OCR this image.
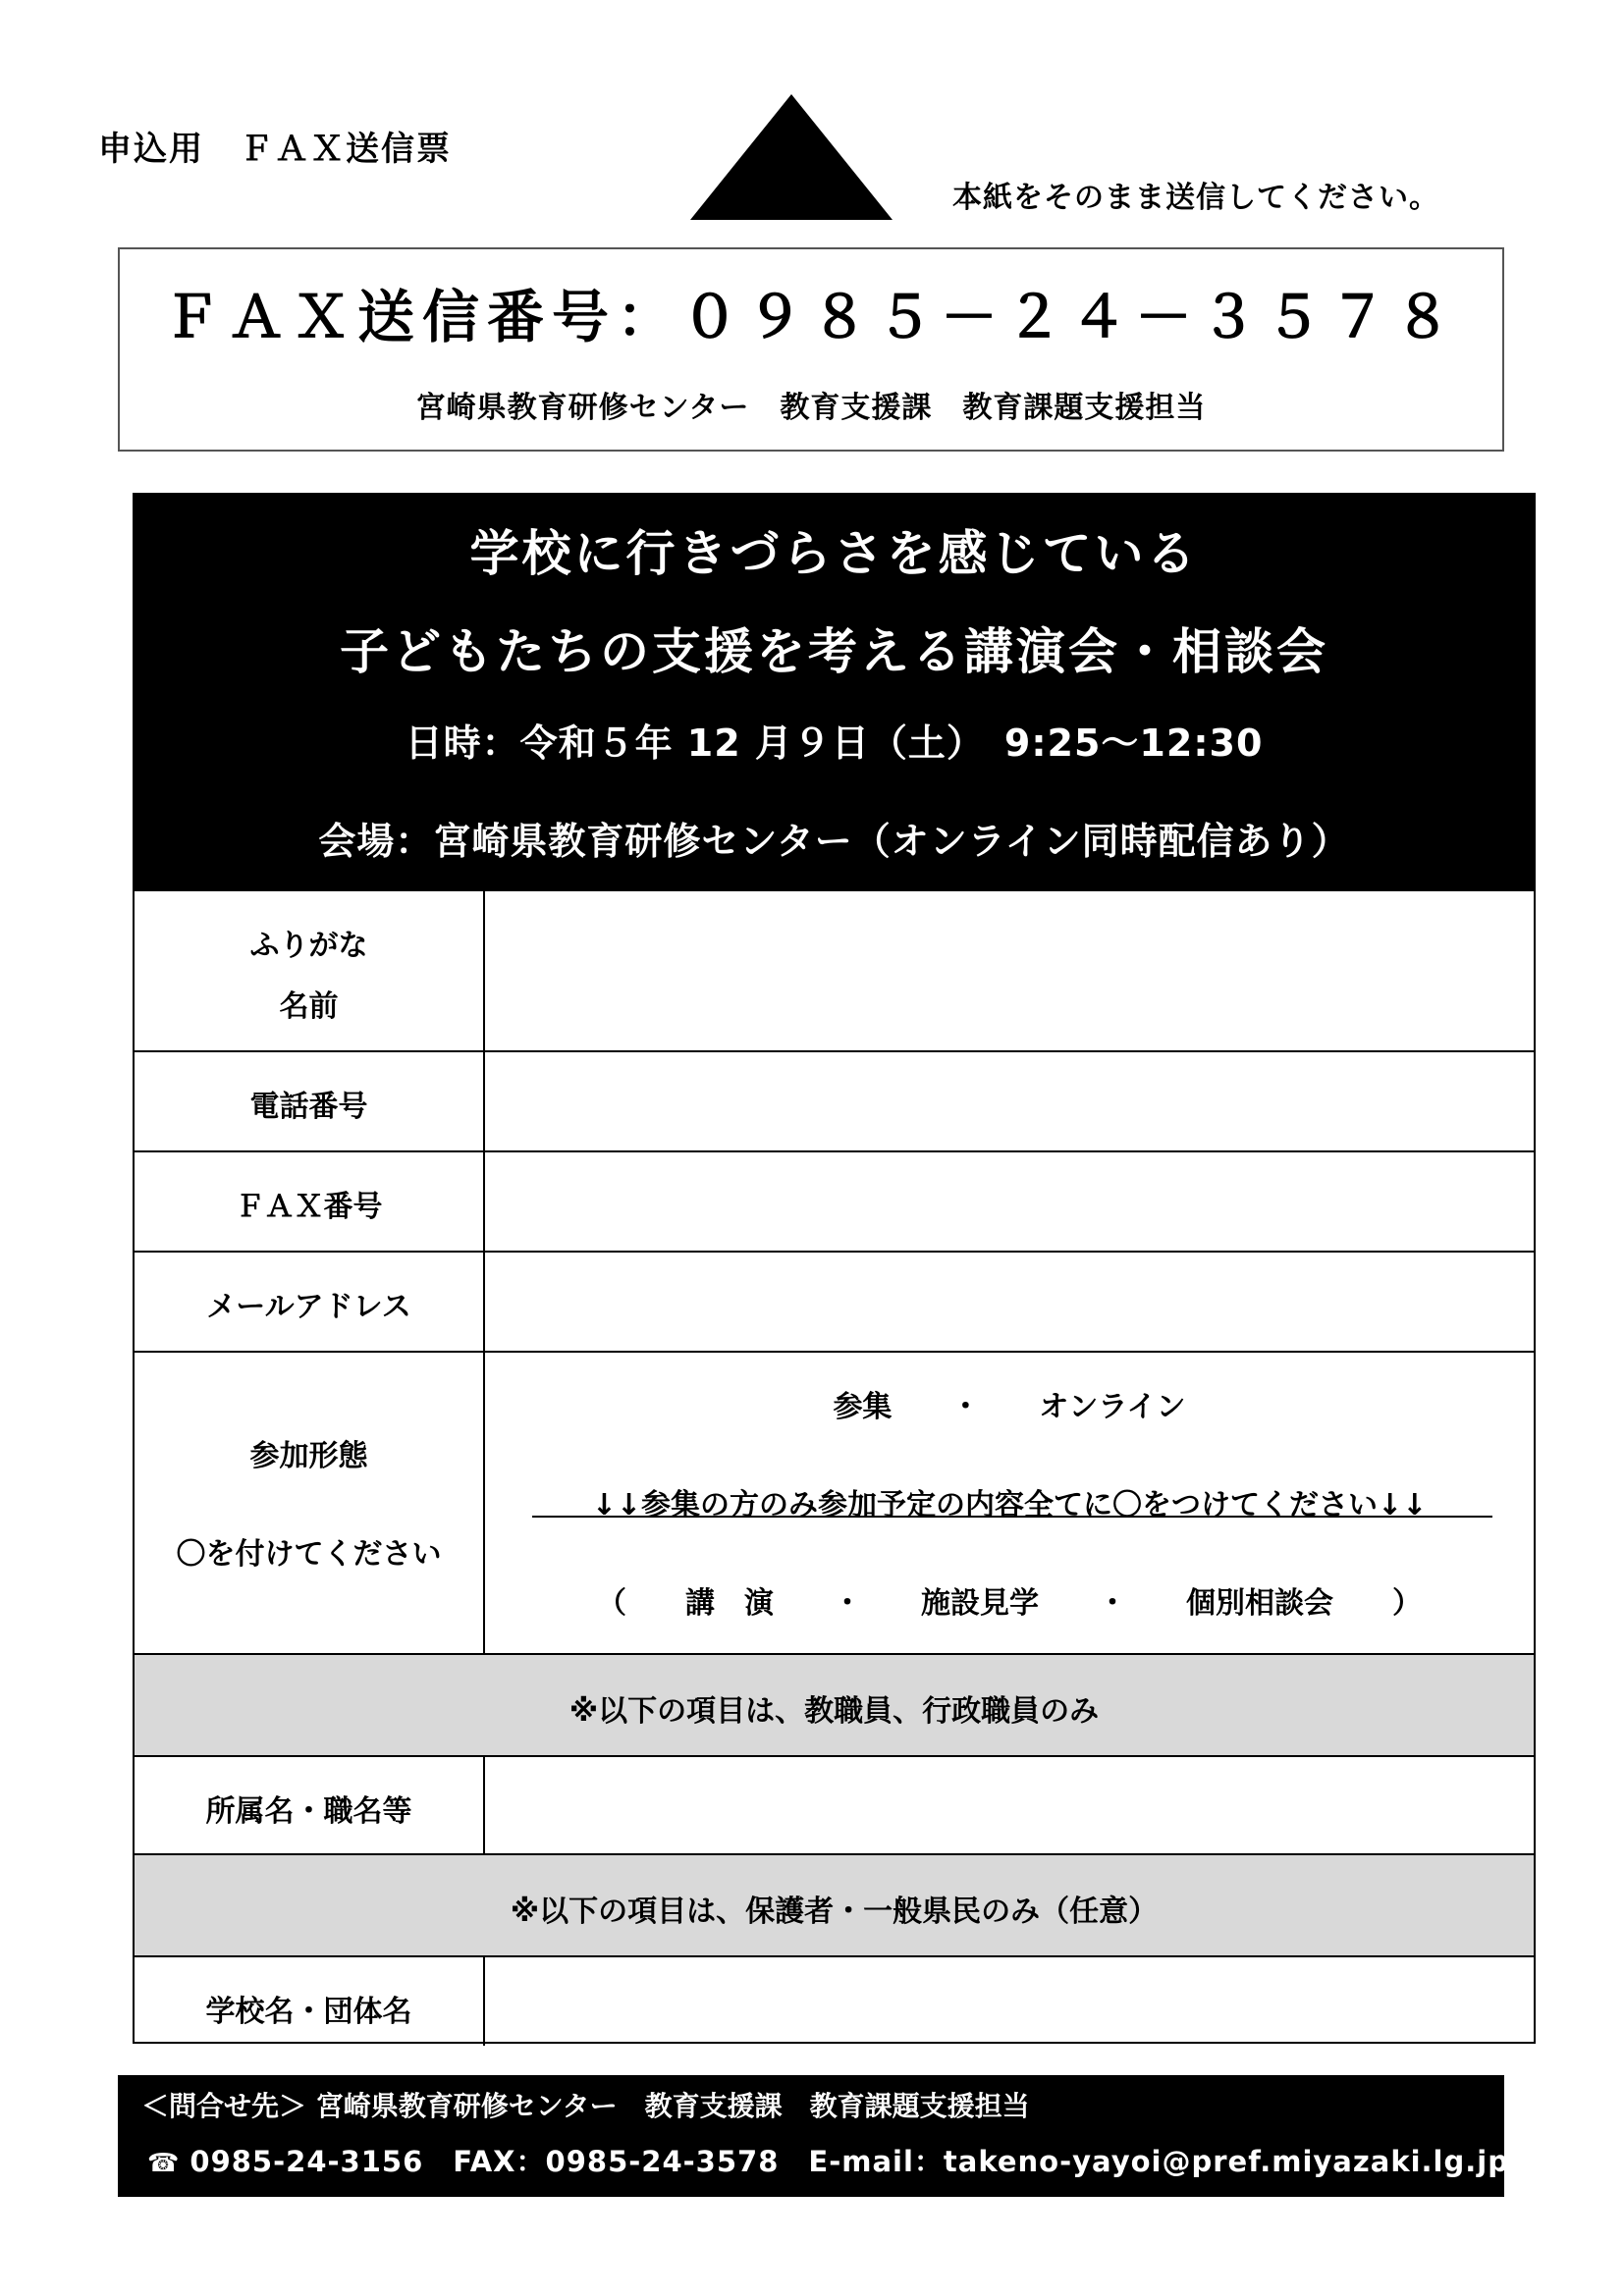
申込用　ＦＡＸ送信票
本紙をそのまま送信してください。
ＦＡＸ送信番号：０９８５－２４－３５７８
宮崎県教育研修センター　教育支援課　教育課題支援担当
学校に行きづらさを感じている
子どもたちの支援を考える講演会・相談会
日時：令和５年 12 月９日（土）　9:25～12:30
会場：宮崎県教育研修センター（オンライン同時配信あり）
ふりがな
名前
電話番号
ＦＡＸ番号
メールアドレス
参加形態
〇を付けてください
参集　　・　　オンライン
↓↓参集の方のみ参加予定の内容全てに〇をつけてください↓↓
（　　講　演　　・　　施設見学　　・　　個別相談会　　）
※以下の項目は、教職員、行政職員のみ
所属名・職名等
※以下の項目は、保護者・一般県民のみ（任意）
学校名・団体名
＜問合せ先＞ 宮崎県教育研修センター　教育支援課　教育課題支援担当
☎ 0985-24-3156　FAX：0985-24-3578　E-mail：takeno-yayoi@pref.miyazaki.lg.jp
